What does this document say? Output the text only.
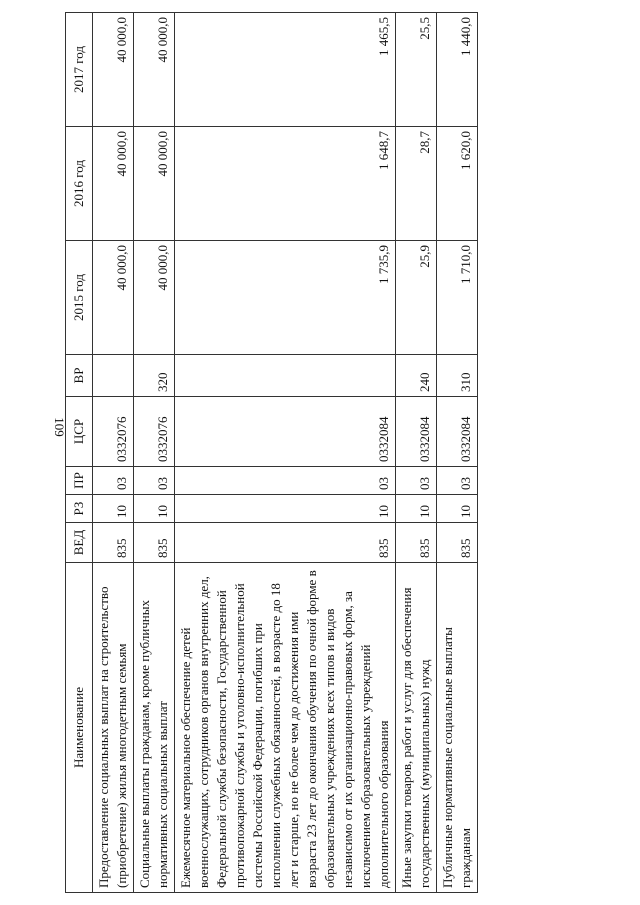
109
Наименование	ВЕД	РЗ	ПР	ЦСР	ВР	2015 год	2016 год	2017 год
Предоставление социальных выплат на строительство (приобретение) жилья многодетным семьям	835	10	03	0332076		40 000,0	40 000,0	40 000,0
Социальные выплаты гражданам, кроме публичных нормативных социальных выплат	835	10	03	0332076	320	40 000,0	40 000,0	40 000,0
Ежемесячное материальное обеспечение детей военнослужащих, сотрудников органов внутренних дел, Федеральной службы безопасности, Государственной противопожарной службы и уголовно-исполнительной системы Российской Федерации, погибших при исполнении служебных обязанностей, в возрасте до 18 лет и старше, но не более чем до достижения ими возраста 23 лет до окончания обучения по очной форме в образовательных учреждениях всех типов и видов независимо от их организационно-правовых форм, за исключением образовательных учреждений дополнительного образования	835	10	03	0332084		1 735,9	1 648,7	1 465,5
Иные закупки товаров, работ и услуг для обеспечения государственных (муниципальных) нужд	835	10	03	0332084	240	25,9	28,7	25,5
Публичные нормативные социальные выплаты гражданам	835	10	03	0332084	310	1 710,0	1 620,0	1 440,0
